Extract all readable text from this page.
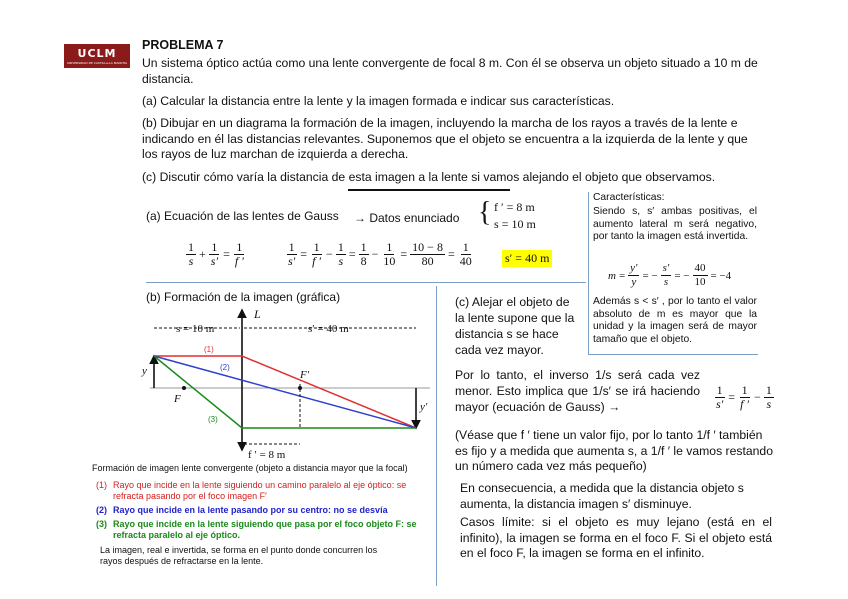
UCLM
UNIVERSIDAD DE CASTILLA-LA MANCHA
PROBLEMA 7
Un sistema óptico actúa como una lente convergente de focal 8 m. Con él se observa un objeto situado a 10 m de distancia.
(a) Calcular la distancia entre la lente y la imagen formada e indicar sus características.
(b) Dibujar en un diagrama la formación de la imagen, incluyendo la marcha de los rayos a través de la lente e indicando en él las distancias relevantes. Suponemos que el objeto se encuentra a la izquierda de la lente y que los rayos de luz marchan de izquierda a derecha.
(c) Discutir cómo varía la distancia de esta imagen a la lente si vamos alejando el objeto que observamos.
(a) Ecuación de las lentes de Gauss → Datos enunciado { f ′ = 8 m
s = 10 m
$\frac{1}{s} + \frac{1}{s'} = \frac{1}{f '}$	$\frac{1}{s'} = \frac{1}{f '} - \frac{1}{s} = \frac{1}{8} - \frac{1}{10} = \frac{10 - 8}{80} = \frac{1}{40}$	s′ = 40 m
Características:
Siendo s, s′ ambas positivas, el aumento lateral m será negativo, por tanto la imagen está invertida.
$m = \frac{y'}{y}$ = − $\frac{s'}{s}$ = − $\frac{40}{10} = -4$
Además s < s′ , por lo tanto el valor absoluto de m es mayor que la unidad y la imagen será de mayor tamaño que el objeto.
(b) Formación de la imagen (gráfica)
L
y
y′
F
F′
s = 10 m	s′ = 40 m
f ′ = 8 m
(1)
(2)
(3)
Formación de imagen lente convergente (objeto a distancia mayor que la focal)
(1) Rayo que incide en la lente siguiendo un camino paralelo al eje óptico: se refracta pasando por el foco imagen F′
(2) Rayo que incide en la lente pasando por su centro: no se desvía
(3) Rayo que incide en la lente siguiendo que pasa por el foco objeto F: se refracta paralelo al eje óptico.
La imagen, real e invertida, se forma en el punto donde concurren los rayos después de refractarse en la lente.
(c) Alejar el objeto de la lente supone que la distancia s se hace cada vez mayor.
Por lo tanto, el inverso 1/s será cada vez menor. Esto implica que 1/s′ se irá haciendo mayor (ecuación de Gauss) →	$\frac{1}{s'} = \frac{1}{f '} - \frac{1}{s}$
(Véase que f ′ tiene un valor fijo, por lo tanto 1/f ′ también es fijo y a medida que aumenta s, a 1/f ′ le vamos restando un número cada vez más pequeño)
En consecuencia, a medida que la distancia objeto s aumenta, la distancia imagen s′ disminuye.
Casos límite: si el objeto es muy lejano (está en el infinito), la imagen se forma en el foco F. Si el objeto está en el foco F, la imagen se forma en el infinito.
